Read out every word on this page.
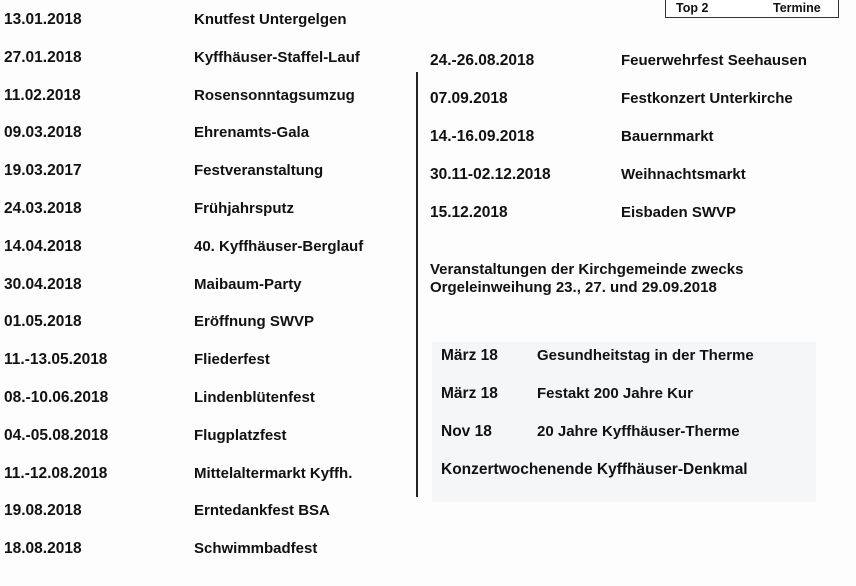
Top 2	Termine
13.01.2018	Knutfest Untergelgen
27.01.2018	Kyffhäuser-Staffel-Lauf
11.02.2018	Rosensonntagsumzug
09.03.2018	Ehrenamts-Gala
19.03.2017	Festveranstaltung
24.03.2018	Frühjahrsputz
14.04.2018	40. Kyffhäuser-Berglauf
30.04.2018	Maibaum-Party
01.05.2018	Eröffnung SWVP
11.-13.05.2018	Fliederfest
08.-10.06.2018	Lindenblütenfest
04.-05.08.2018	Flugplatzfest
11.-12.08.2018	Mittelaltermarkt Kyffh.
19.08.2018	Erntedankfest BSA
18.08.2018	Schwimmbadfest
24.-26.08.2018	Feuerwehrfest Seehausen
07.09.2018	Festkonzert Unterkirche
14.-16.09.2018	Bauernmarkt
30.11-02.12.2018	Weihnachtsmarkt
15.12.2018	Eisbaden SWVP
Veranstaltungen der Kirchgemeinde zwecks
Orgeleinweihung 23., 27. und 29.09.2018
März 18	Gesundheitstag in der Therme
März 18	Festakt 200 Jahre Kur
Nov 18	20 Jahre Kyffhäuser-Therme
Konzertwochenende Kyffhäuser-Denkmal
